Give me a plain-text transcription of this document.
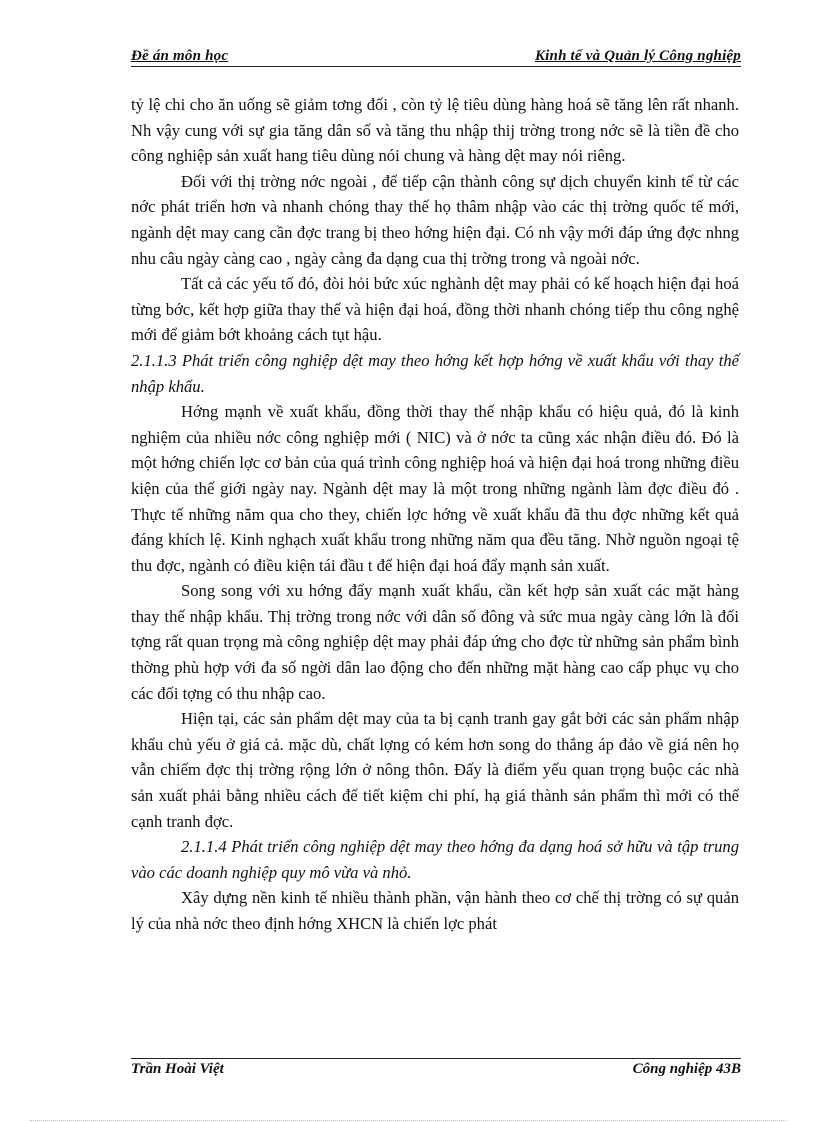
Đề án môn học	Kinh tế và Quản lý Công nghiệp

tỷ lệ chi cho ăn uống sẽ giảm tơng đối , còn tỷ lệ tiêu dùng hàng hoá sẽ tăng lên rất nhanh. Nh vậy cung với sự gia tăng dân số và tăng thu nhập thij trờng trong nớc sẽ là tiền đề cho công nghiệp sản xuất hang tiêu dùng nói chung và hàng dệt may nói riêng.

Đối với thị trờng nớc ngoài , để tiếp cận thành công sự dịch chuyển kinh tế từ các nớc phát triển hơn và nhanh chóng thay thế họ thâm nhập vào các thị trờng quốc tế mới, ngành dệt may cang cần đợc trang bị theo hớng hiện đại. Có nh vậy mới đáp ứng đợc nhng nhu câu ngày càng cao , ngày càng đa dạng cua thị trờng trong và ngoài nớc.

Tất cả các yếu tố đó, đòi hỏi bức xúc nghành dệt may phải có kế hoạch hiện đại hoá từng bớc, kết hợp giữa thay thế và hiện đại hoá, đồng thời nhanh chóng tiếp thu công nghệ mới để giảm bớt khoảng cách tụt hậu.

2.1.1.3 Phát triển công nghiệp dệt may theo hớng kết hợp hớng về xuất khẩu với thay thế nhập khẩu.

Hớng mạnh về xuất khẩu, đồng thời thay thế nhập khẩu có hiệu quả, đó là kinh nghiệm của nhiều nớc công nghiệp mới ( NIC) và ở nớc ta cũng xác nhận điều đó. Đó là một hớng chiến lợc cơ bản của quá trình công nghiệp hoá và hiện đại hoá trong những điều kiện của thế giới ngày nay. Ngành dệt may là một trong những ngành làm đợc điều đó . Thực tế những năm qua cho they, chiến lợc hớng về xuất khẩu đã thu đợc những kết quả đáng khích lệ. Kinh nghạch xuất khẩu trong những năm qua đều tăng. Nhờ nguồn ngoại tệ thu đợc, ngành có điều kiện tái đầu t để hiện đại hoá đẩy mạnh sản xuất.

Song song với xu hớng đẩy mạnh xuất khẩu, cần kết hợp sản xuất các mặt hàng thay thế nhập khẩu. Thị trờng trong nớc với dân số đông và sức mua ngày càng lớn là đối tợng rất quan trọng mà công nghiệp dệt may phải đáp ứng cho đợc từ những sản phẩm bình thờng phù hợp với đa số ngời dân lao động cho đến những mặt hàng cao cấp phục vụ cho các đối tợng có thu nhập cao.

Hiện tại, các sản phẩm dệt may của ta bị cạnh tranh gay gắt bởi các sản phẩm nhập khẩu chủ yếu ở giá cả. mặc dù, chất lợng có kém hơn song do thắng áp đảo về giá nên họ vẫn chiếm đợc thị trờng rộng lớn ở nông thôn. Đấy là điểm yếu quan trọng buộc các nhà sản xuất phải bằng nhiều cách để tiết kiệm chi phí, hạ giá thành sản phẩm thì mới có thể cạnh tranh đợc.

2.1.1.4 Phát triển công nghiệp dệt may theo hớng đa dạng hoá sở hữu và tập trung vào các doanh nghiệp quy mô vừa và nhỏ.

Xây dựng nền kinh tế nhiều thành phần, vận hành theo cơ chế thị trờng có sự quản lý của nhà nớc theo định hớng XHCN là chiến lợc phát

Trần Hoài Việt	Công nghiệp 43B
